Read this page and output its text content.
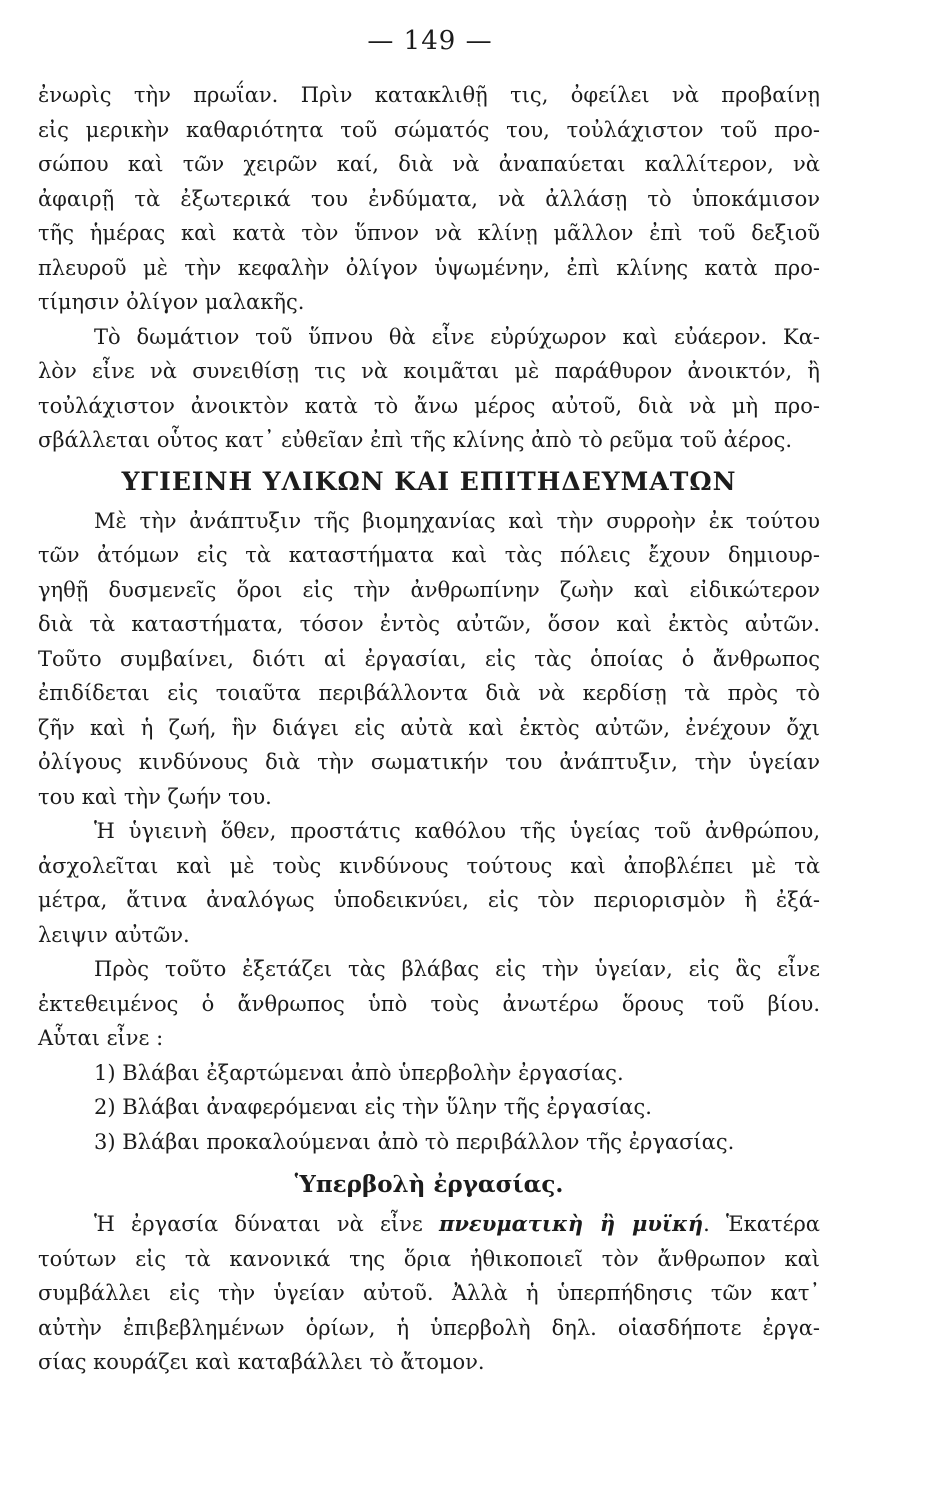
— 149 —
ἐνωρὶς τὴν πρωΐαν. Πρὶν κατακλιθῇ τις, ὀφείλει νὰ προβαίνῃ
εἰς μερικὴν καθαριότητα τοῦ σώματός του, τοὐλάχιστον τοῦ προ-
σώπου καὶ τῶν χειρῶν καί, διὰ νὰ ἀναπαύεται καλλίτερον, νὰ
ἀφαιρῇ τὰ ἐξωτερικά του ἐνδύματα, νὰ ἀλλάσῃ τὸ ὑποκάμισον
τῆς ἡμέρας καὶ κατὰ τὸν ὕπνον νὰ κλίνῃ μᾶλλον ἐπὶ τοῦ δεξιοῦ
πλευροῦ μὲ τὴν κεφαλὴν ὀλίγον ὑψωμένην, ἐπὶ κλίνης κατὰ προ-
τίμησιν ὀλίγον μαλακῆς.
Τὸ δωμάτιον τοῦ ὕπνου θὰ εἶνε εὐρύχωρον καὶ εὐάερον. Κα-
λὸν εἶνε νὰ συνειθίσῃ τις νὰ κοιμᾶται μὲ παράθυρον ἀνοικτόν, ἢ
τοὐλάχιστον ἀνοικτὸν κατὰ τὸ ἄνω μέρος αὐτοῦ, διὰ νὰ μὴ προ-
σβάλλεται οὗτος κατ᾽ εὐθεῖαν ἐπὶ τῆς κλίνης ἀπὸ τὸ ρεῦμα τοῦ ἀέρος.
ΥΓΙΕΙΝΗ ΥΛΙΚΩΝ ΚΑΙ ΕΠΙΤΗΔΕΥΜΑΤΩΝ
Μὲ τὴν ἀνάπτυξιν τῆς βιομηχανίας καὶ τὴν συρροὴν ἐκ τούτου
τῶν ἀτόμων εἰς τὰ καταστήματα καὶ τὰς πόλεις ἔχουν δημιουρ-
γηθῇ δυσμενεῖς ὅροι εἰς τὴν ἀνθρωπίνην ζωὴν καὶ εἰδικώτερον
διὰ τὰ καταστήματα, τόσον ἐντὸς αὐτῶν, ὅσον καὶ ἐκτὸς αὐτῶν.
Τοῦτο συμβαίνει, διότι αἱ ἐργασίαι, εἰς τὰς ὁποίας ὁ ἄνθρωπος
ἐπιδίδεται εἰς τοιαῦτα περιβάλλοντα διὰ νὰ κερδίσῃ τὰ πρὸς τὸ
ζῆν καὶ ἡ ζωή, ἣν διάγει εἰς αὐτὰ καὶ ἐκτὸς αὐτῶν, ἐνέχουν ὄχι
ὀλίγους κινδύνους διὰ τὴν σωματικήν του ἀνάπτυξιν, τὴν ὑγείαν
του καὶ τὴν ζωήν του.
Ἡ ὑγιεινὴ ὅθεν, προστάτις καθόλου τῆς ὑγείας τοῦ ἀνθρώπου,
ἀσχολεῖται καὶ μὲ τοὺς κινδύνους τούτους καὶ ἀποβλέπει μὲ τὰ
μέτρα, ἅτινα ἀναλόγως ὑποδεικνύει, εἰς τὸν περιορισμὸν ἢ ἐξά-
λειψιν αὐτῶν.
Πρὸς τοῦτο ἐξετάζει τὰς βλάβας εἰς τὴν ὑγείαν, εἰς ἃς εἶνε
ἐκτεθειμένος ὁ ἄνθρωπος ὑπὸ τοὺς ἀνωτέρω ὅρους τοῦ βίου.
Αὗται εἶνε :
1) Βλάβαι ἐξαρτώμεναι ἀπὸ ὑπερβολὴν ἐργασίας.
2) Βλάβαι ἀναφερόμεναι εἰς τὴν ὕλην τῆς ἐργασίας.
3) Βλάβαι προκαλούμεναι ἀπὸ τὸ περιβάλλον τῆς ἐργασίας.
Ὑπερβολὴ ἐργασίας.
Ἡ ἐργασία δύναται νὰ εἶνε πνευματικὴ ἢ μυϊκή. Ἑκατέρα
τούτων εἰς τὰ κανονικά της ὅρια ἠθικοποιεῖ τὸν ἄνθρωπον καὶ
συμβάλλει εἰς τὴν ὑγείαν αὐτοῦ. Ἀλλὰ ἡ ὑπερπήδησις τῶν κατ᾽
αὐτὴν ἐπιβεβλημένων ὁρίων, ἡ ὑπερβολὴ δηλ. οἱασδήποτε ἐργα-
σίας κουράζει καὶ καταβάλλει τὸ ἄτομον.
